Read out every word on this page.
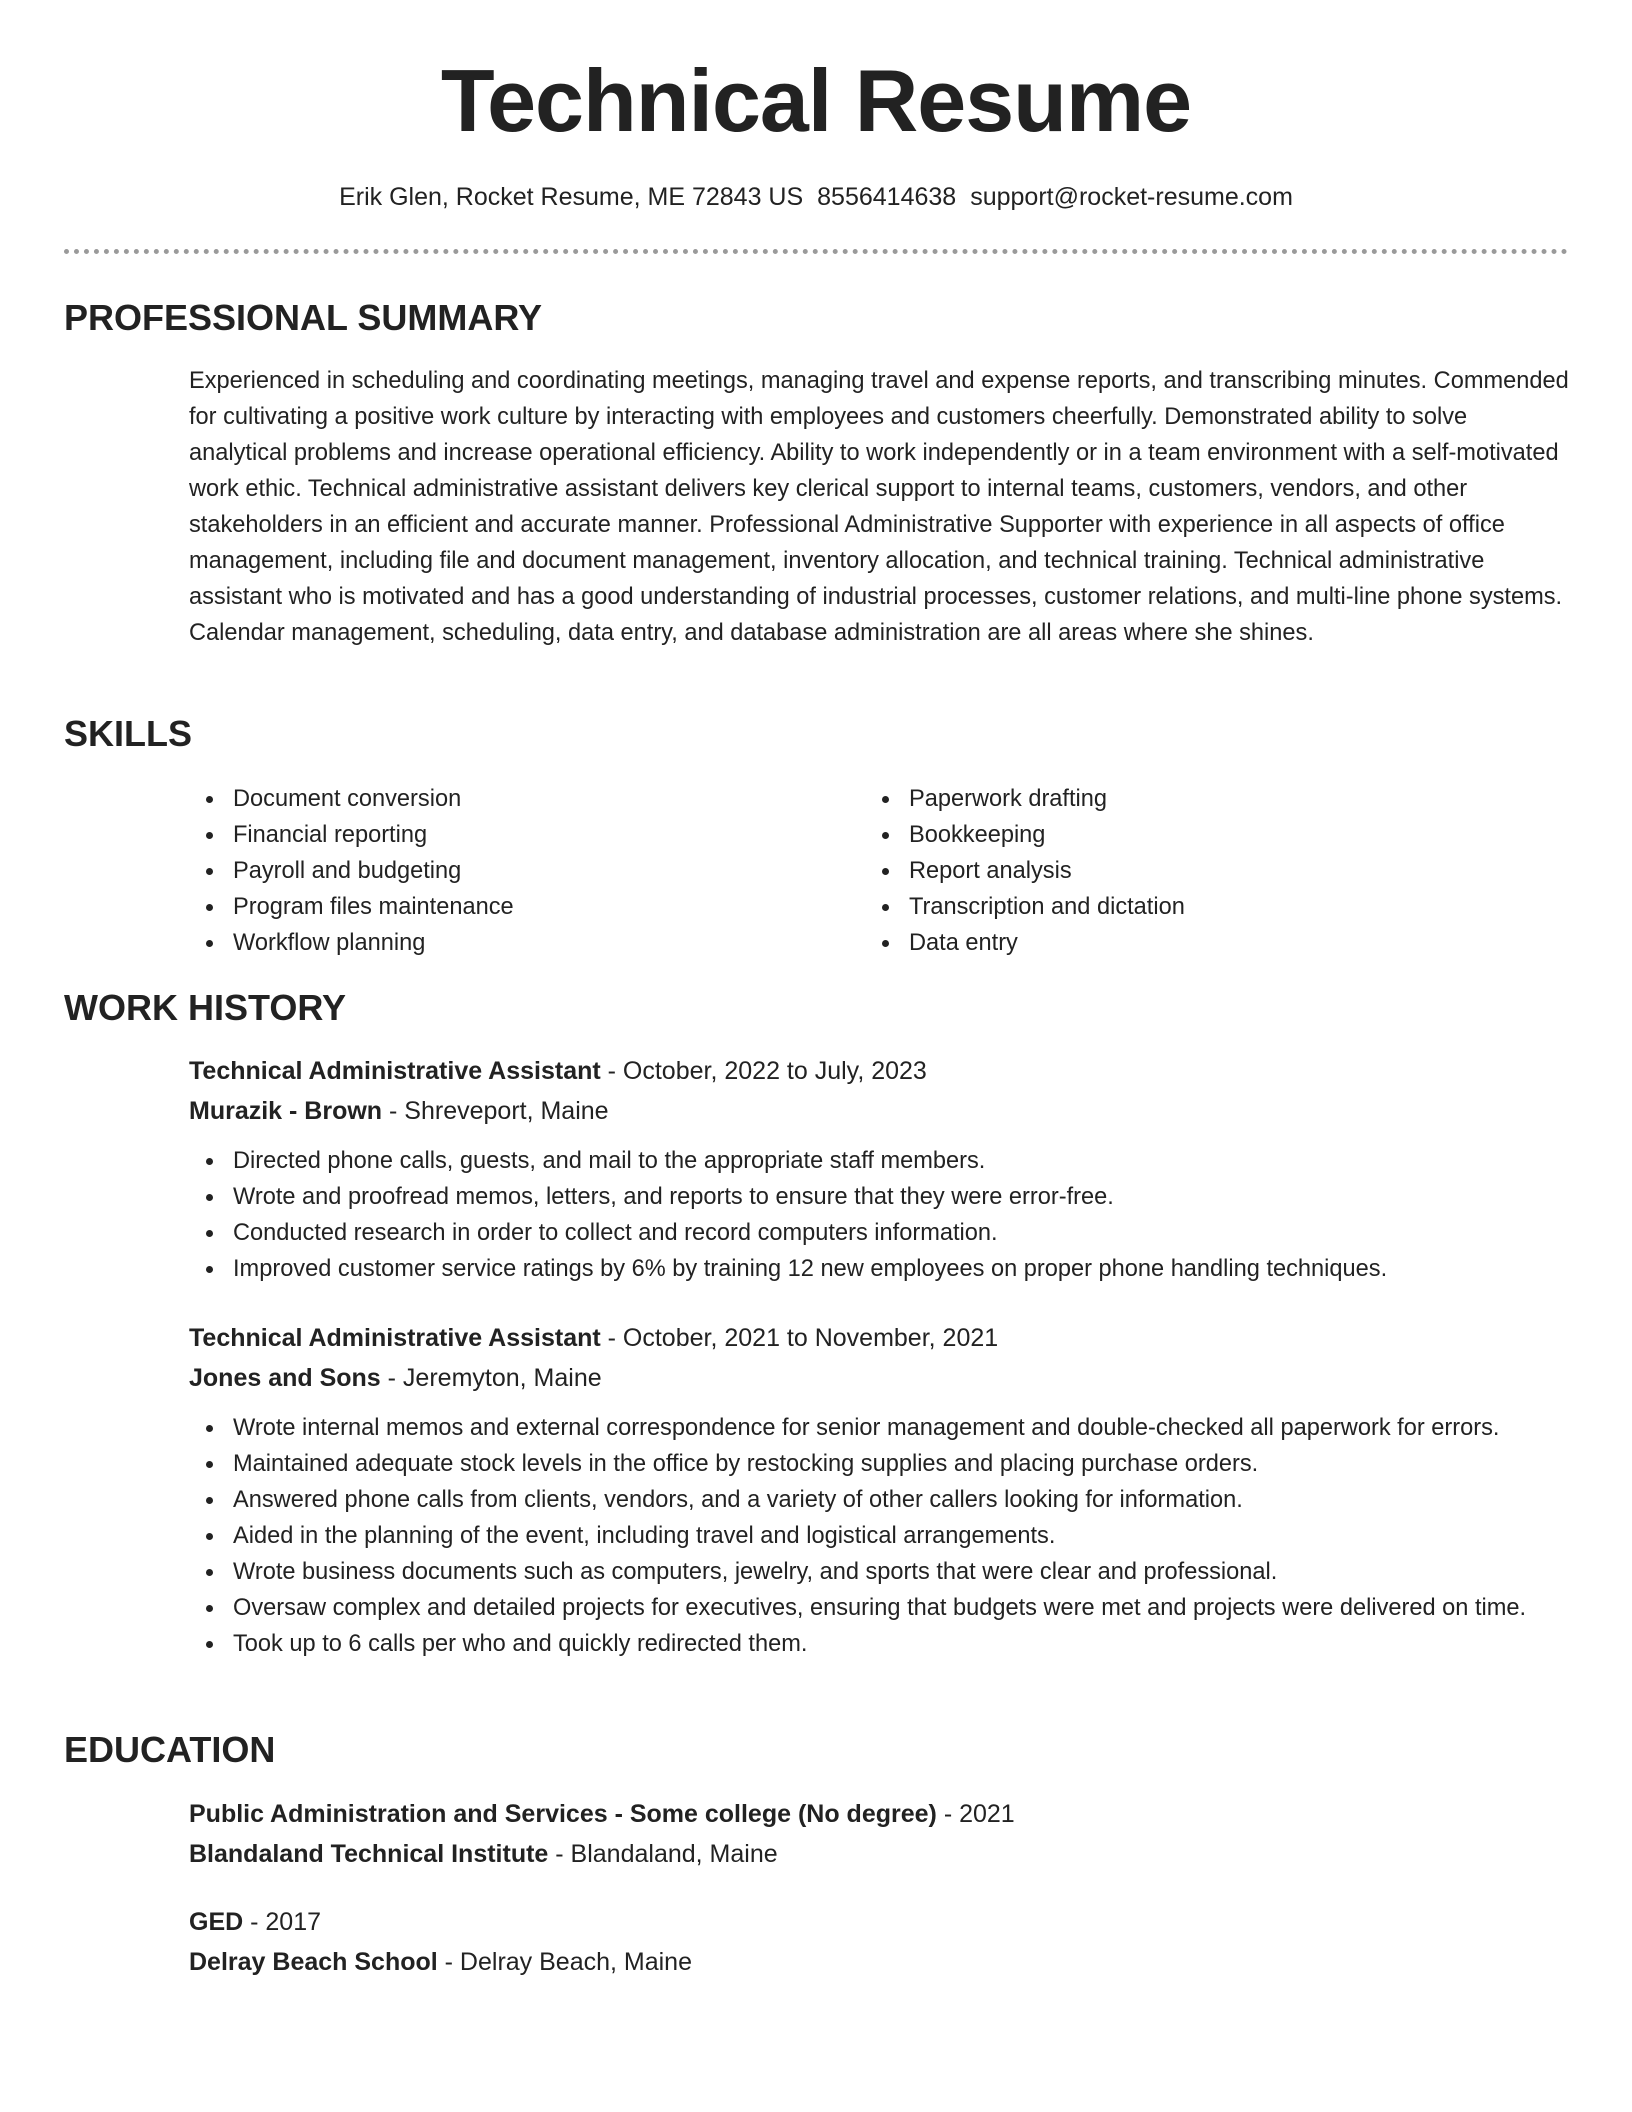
Technical Resume
Erik Glen, Rocket Resume, ME 72843 US 8556414638 support@rocket-resume.com
PROFESSIONAL SUMMARY

Experienced in scheduling and coordinating meetings, managing travel and expense reports, and transcribing minutes. Commended for cultivating a positive work culture by interacting with employees and customers cheerfully. Demonstrated ability to solve analytical problems and increase operational efficiency. Ability to work independently or in a team environment with a self-motivated work ethic. Technical administrative assistant delivers key clerical support to internal teams, customers, vendors, and other stakeholders in an efficient and accurate manner. Professional Administrative Supporter with experience in all aspects of office management, including file and document management, inventory allocation, and technical training. Technical administrative assistant who is motivated and has a good understanding of industrial processes, customer relations, and multi-line phone systems. Calendar management, scheduling, data entry, and database administration are all areas where she shines.

SKILLS
Document conversion
Financial reporting
Payroll and budgeting
Program files maintenance
Workflow planning
Paperwork drafting
Bookkeeping
Report analysis
Transcription and dictation
Data entry
WORK HISTORY
Technical Administrative Assistant - October, 2022 to July, 2023
Murazik - Brown - Shreveport, Maine
Directed phone calls, guests, and mail to the appropriate staff members.
Wrote and proofread memos, letters, and reports to ensure that they were error-free.
Conducted research in order to collect and record computers information.
Improved customer service ratings by 6% by training 12 new employees on proper phone handling techniques.
Technical Administrative Assistant - October, 2021 to November, 2021
Jones and Sons - Jeremyton, Maine
Wrote internal memos and external correspondence for senior management and double-checked all paperwork for errors.
Maintained adequate stock levels in the office by restocking supplies and placing purchase orders.
Answered phone calls from clients, vendors, and a variety of other callers looking for information.
Aided in the planning of the event, including travel and logistical arrangements.
Wrote business documents such as computers, jewelry, and sports that were clear and professional.
Oversaw complex and detailed projects for executives, ensuring that budgets were met and projects were delivered on time.
Took up to 6 calls per who and quickly redirected them.
EDUCATION
Public Administration and Services - Some college (No degree) - 2021
Blandaland Technical Institute - Blandaland, Maine
GED - 2017
Delray Beach School - Delray Beach, Maine
